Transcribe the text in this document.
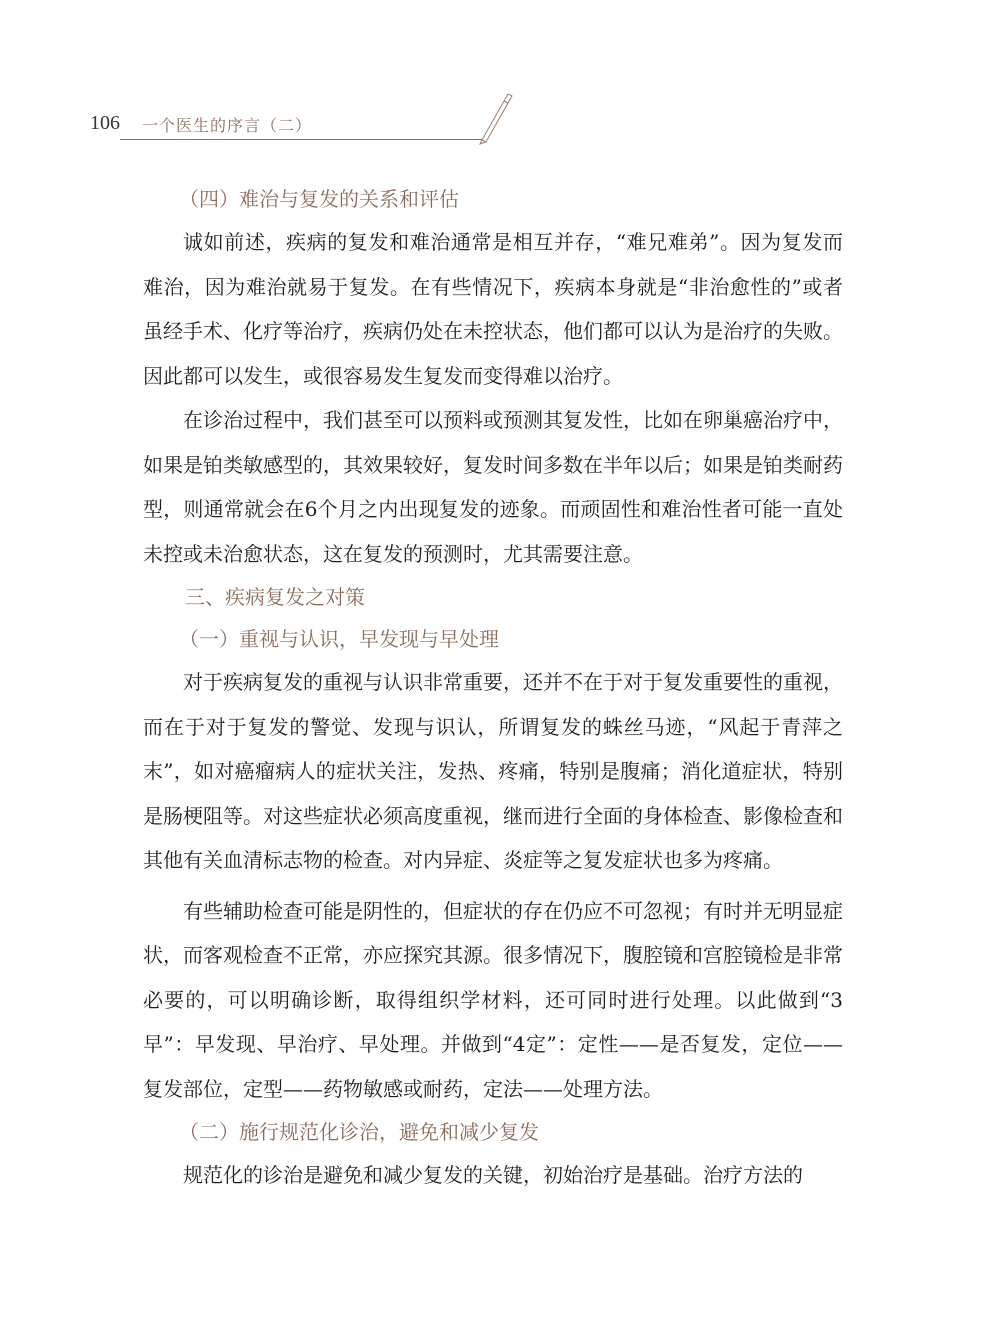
106 一个医生的序言（二）
（四）难治与复发的关系和评估

诚如前述，疾病的复发和难治通常是相互并存，“难兄难弟”。因为复发而难治，因为难治就易于复发。在有些情况下，疾病本身就是“非治愈性的”或者虽经手术、化疗等治疗，疾病仍处在未控状态，他们都可以认为是治疗的失败。因此都可以发生，或很容易发生复发而变得难以治疗。

在诊治过程中，我们甚至可以预料或预测其复发性，比如在卵巢癌治疗中，如果是铂类敏感型的，其效果较好，复发时间多数在半年以后；如果是铂类耐药型，则通常就会在6个月之内出现复发的迹象。而顽固性和难治性者可能一直处未控或未治愈状态，这在复发的预测时，尤其需要注意。

三、疾病复发之对策
（一）重视与认识，早发现与早处理

对于疾病复发的重视与认识非常重要，还并不在于对于复发重要性的重视，而在于对于复发的警觉、发现与识认，所谓复发的蛛丝马迹，“风起于青萍之末”，如对癌瘤病人的症状关注，发热、疼痛，特别是腹痛；消化道症状，特别是肠梗阻等。对这些症状必须高度重视，继而进行全面的身体检查、影像检查和其他有关血清标志物的检查。对内异症、炎症等之复发症状也多为疼痛。

有些辅助检查可能是阴性的，但症状的存在仍应不可忽视；有时并无明显症状，而客观检查不正常，亦应探究其源。很多情况下，腹腔镜和宫腔镜检是非常必要的，可以明确诊断，取得组织学材料，还可同时进行处理。以此做到“3早”：早发现、早治疗、早处理。并做到“4定”：定性——是否复发，定位——复发部位，定型——药物敏感或耐药，定法——处理方法。

（二）施行规范化诊治，避免和减少复发

规范化的诊治是避免和减少复发的关键，初始治疗是基础。治疗方法的
